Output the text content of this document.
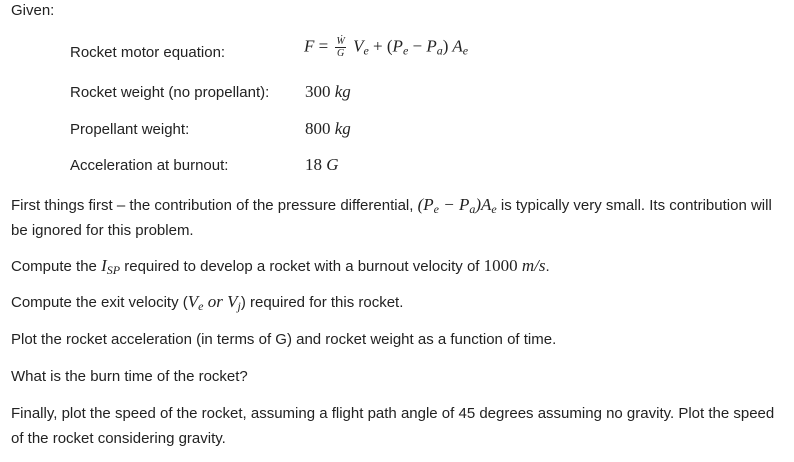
Given:
Rocket motor equation:
Rocket weight (no propellant):
Propellant weight:
Acceleration at burnout:
$F = \frac{\text{Ẇ}}{G} V_e + (P_e - P_a)$ $A_e$
300 kg
800 kg
18 G
First things first – the contribution of the pressure differential, $(P_e - P_a)A_e$ is typically very small. Its contribution will be ignored for this problem.
Compute the $I_{SP}$ required to develop a rocket with a burnout velocity of 1000 m/s.
Compute the exit velocity ($V_e$ or $V_j$) required for this rocket.
Plot the rocket acceleration (in terms of G) and rocket weight as a function of time.
What is the burn time of the rocket?
Finally, plot the speed of the rocket, assuming a flight path angle of 45 degrees assuming no gravity. Plot the speed of the rocket considering gravity.
